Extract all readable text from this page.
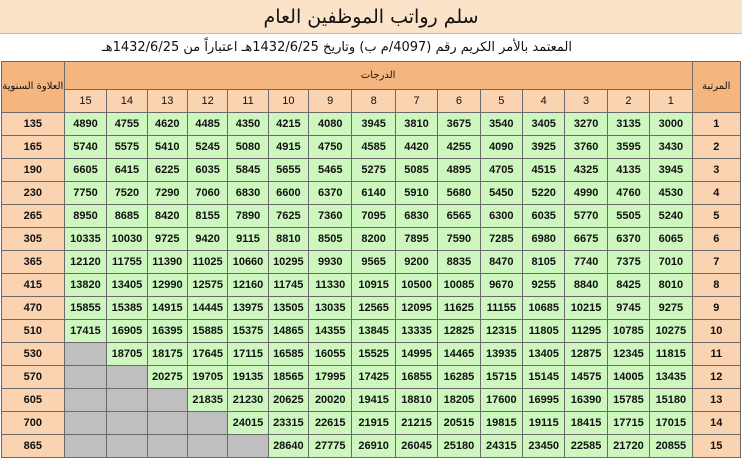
سلم رواتب الموظفين العام
المعتمد بالأمر الكريم رقم (4097/م ب) وتاريخ 1432/6/25هـ اعتباراً من 1432/6/25هـ
المرتبة	الدرجات															العلاوة السنوية
	1	2	3	4	5	6	7	8	9	10	11	12	13	14	15	
1	3000	3135	3270	3405	3540	3675	3810	3945	4080	4215	4350	4485	4620	4755	4890	135
2	3430	3595	3760	3925	4090	4255	4420	4585	4750	4915	5080	5245	5410	5575	5740	165
3	3945	4135	4325	4515	4705	4895	5085	5275	5465	5655	5845	6035	6225	6415	6605	190
4	4530	4760	4990	5220	5450	5680	5910	6140	6370	6600	6830	7060	7290	7520	7750	230
5	5240	5505	5770	6035	6300	6565	6830	7095	7360	7625	7890	8155	8420	8685	8950	265
6	6065	6370	6675	6980	7285	7590	7895	8200	8505	8810	9115	9420	9725	10030	10335	305
7	7010	7375	7740	8105	8470	8835	9200	9565	9930	10295	10660	11025	11390	11755	12120	365
8	8010	8425	8840	9255	9670	10085	10500	10915	11330	11745	12160	12575	12990	13405	13820	415
9	9275	9745	10215	10685	11155	11625	12095	12565	13035	13505	13975	14445	14915	15385	15855	470
10	10275	10785	11295	11805	12315	12825	13335	13845	14355	14865	15375	15885	16395	16905	17415	510
11	11815	12345	12875	13405	13935	14465	14995	15525	16055	16585	17115	17645	18175	18705		530
12	13435	14005	14575	15145	15715	16285	16855	17425	17995	18565	19135	19705	20275			570
13	15180	15785	16390	16995	17600	18205	18810	19415	20020	20625	21230	21835				605
14	17015	17715	18415	19115	19815	20515	21215	21915	22615	23315	24015					700
15	20855	21720	22585	23450	24315	25180	26045	26910	27775	28640						865
